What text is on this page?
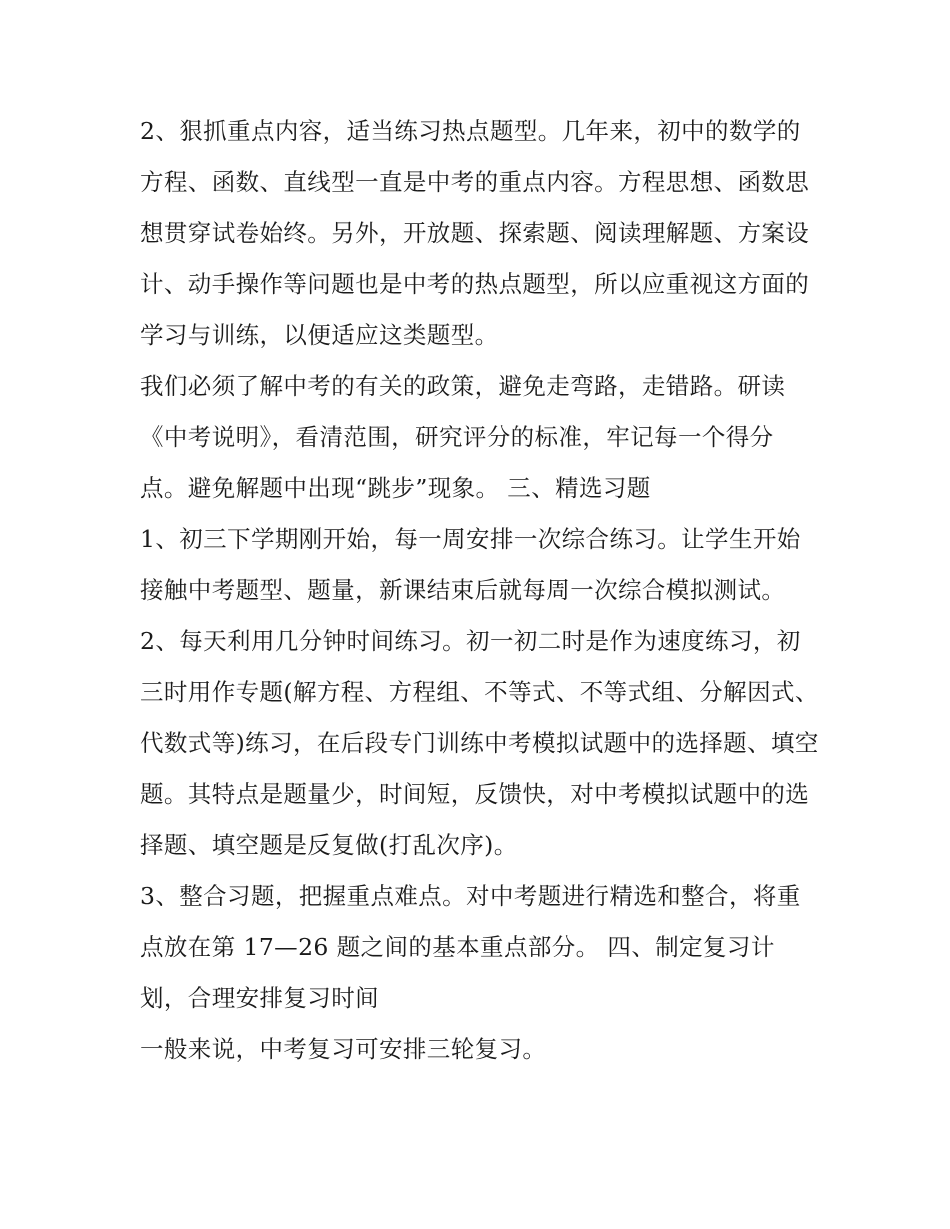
2、狠抓重点内容，适当练习热点题型。几年来，初中的数学的方程、函数、直线型一直是中考的重点内容。方程思想、函数思想贯穿试卷始终。另外，开放题、探索题、阅读理解题、方案设计、动手操作等问题也是中考的热点题型，所以应重视这方面的学习与训练，以便适应这类题型。

我们必须了解中考的有关的政策，避免走弯路，走错路。研读《中考说明》，看清范围，研究评分的标准，牢记每一个得分点。避免解题中出现“跳步”现象。 三、精选习题

1、初三下学期刚开始，每一周安排一次综合练习。让学生开始接触中考题型、题量，新课结束后就每周一次综合模拟测试。

2、每天利用几分钟时间练习。初一初二时是作为速度练习，初三时用作专题(解方程、方程组、不等式、不等式组、分解因式、代数式等)练习，在后段专门训练中考模拟试题中的选择题、填空题。其特点是题量少，时间短，反馈快，对中考模拟试题中的选择题、填空题是反复做(打乱次序)。

3、整合习题，把握重点难点。对中考题进行精选和整合，将重点放在第 17—26 题之间的基本重点部分。 四、制定复习计划，合理安排复习时间

一般来说，中考复习可安排三轮复习。
